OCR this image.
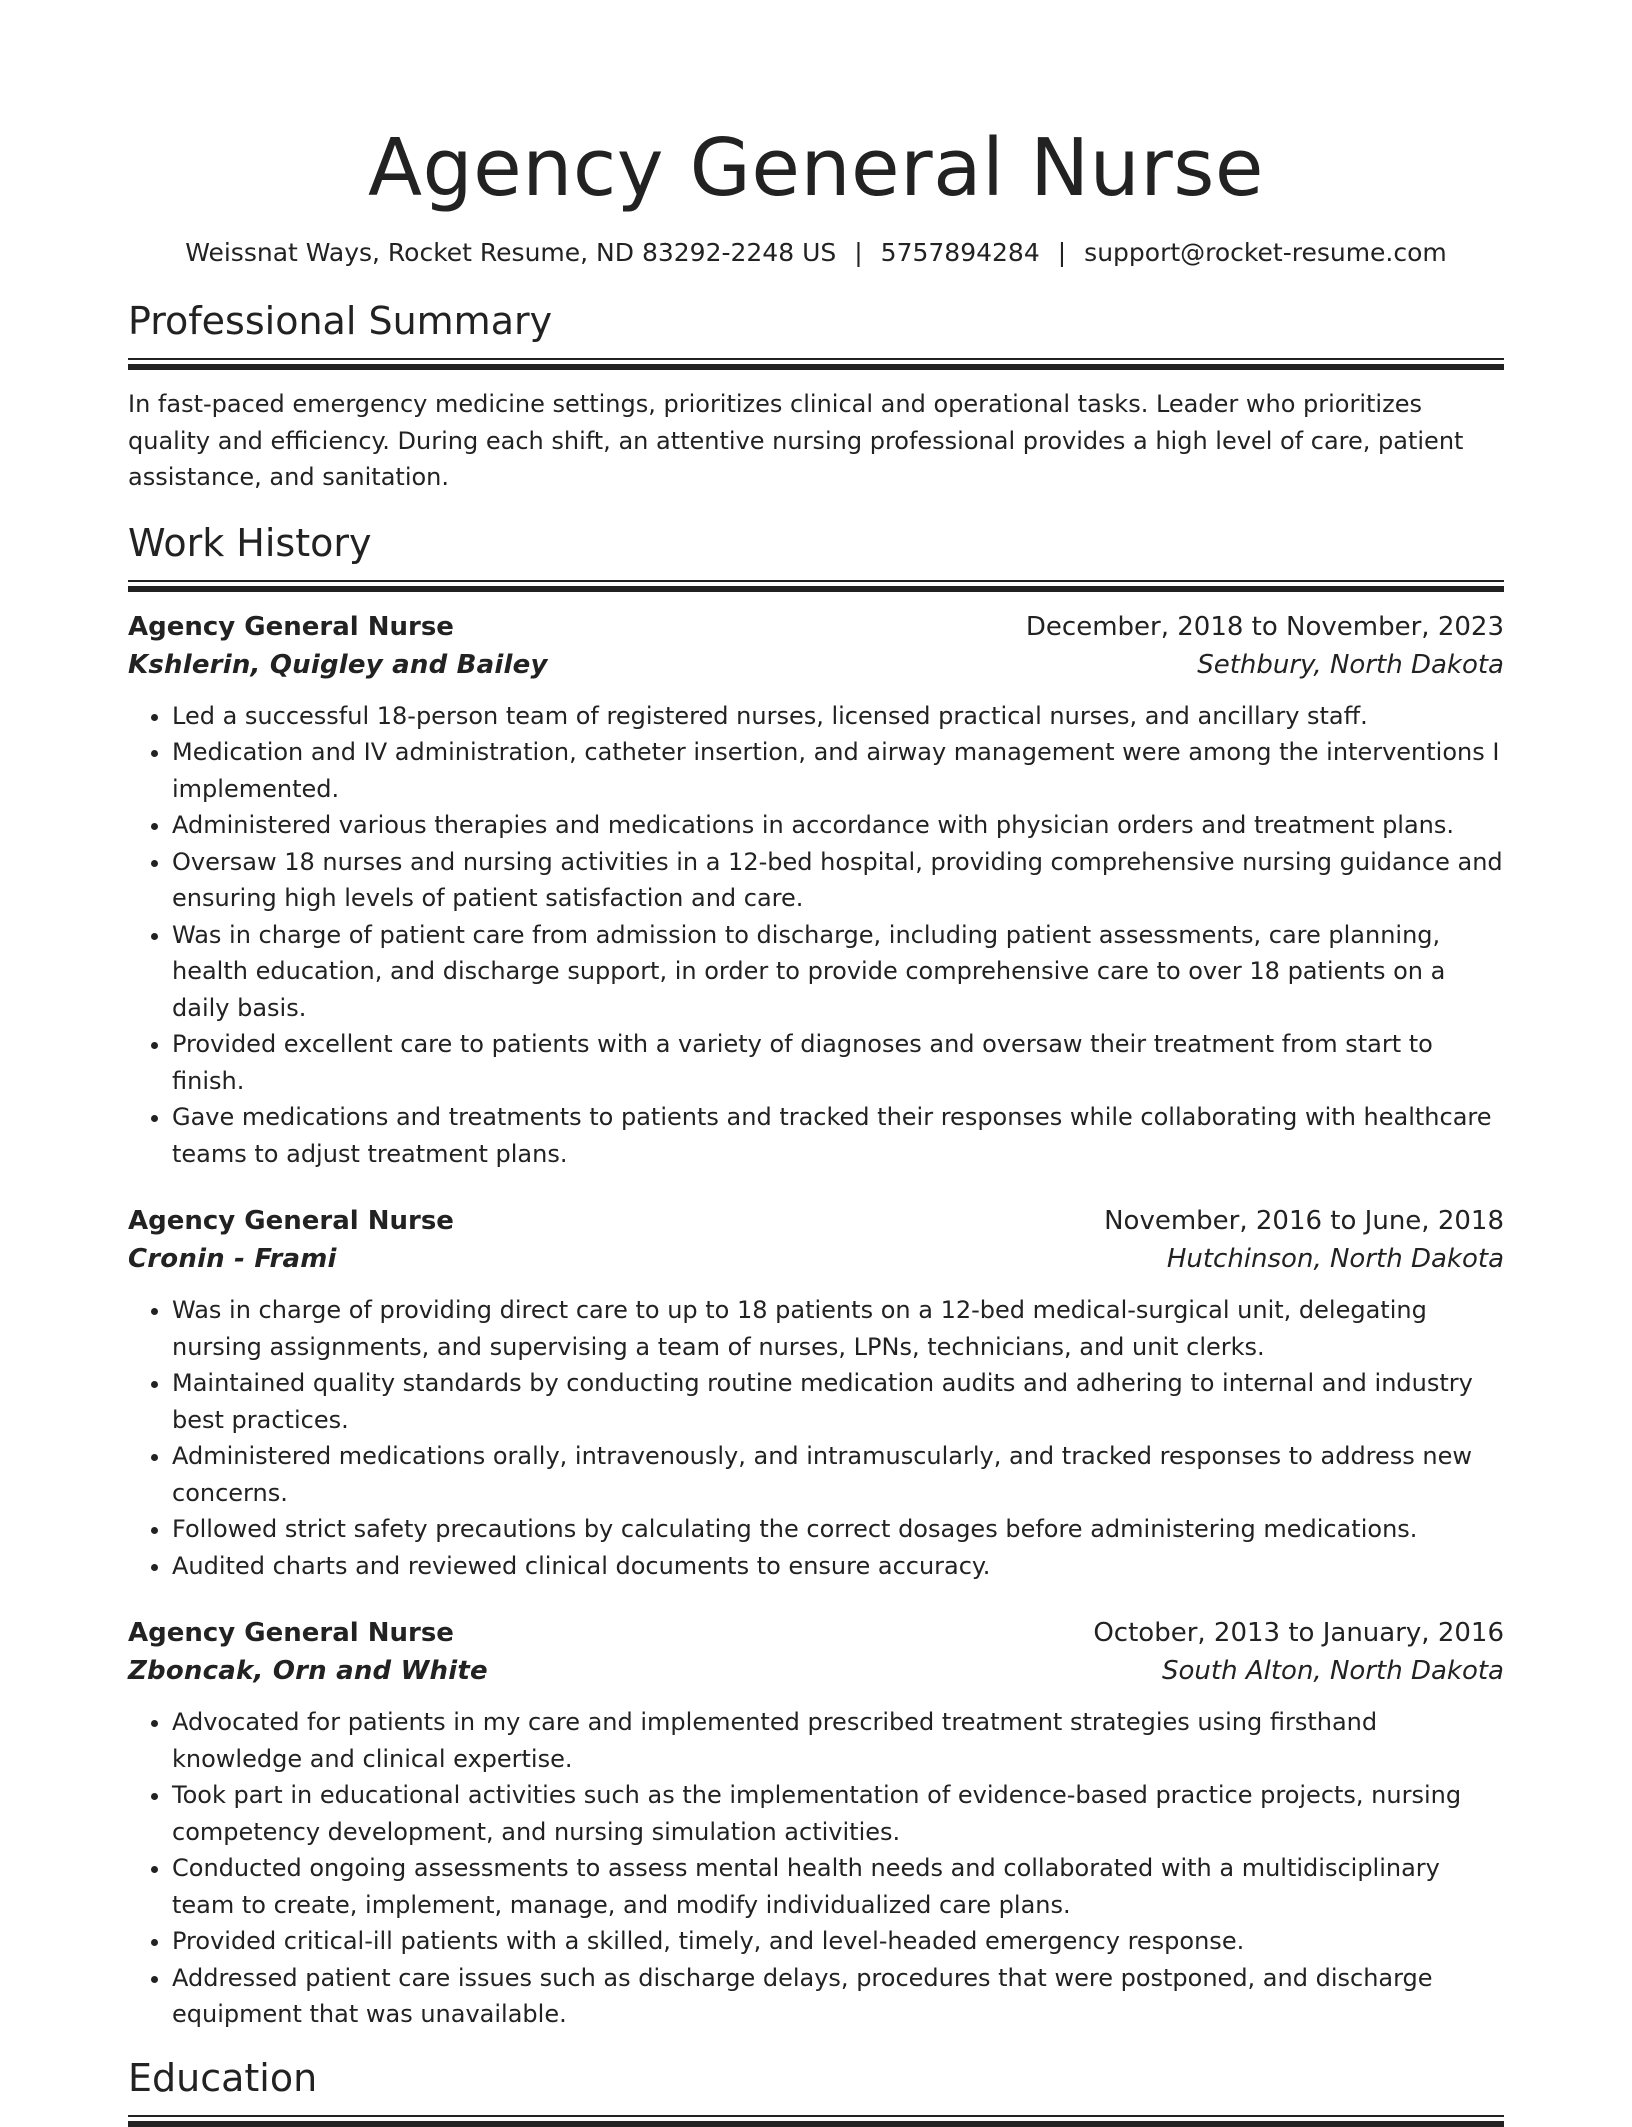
Agency General Nurse
Weissnat Ways, Rocket Resume, ND 83292-2248 US | 5757894284 | support@rocket-resume.com
Professional Summary

In fast-paced emergency medicine settings, prioritizes clinical and operational tasks. Leader who prioritizes quality and efficiency. During each shift, an attentive nursing professional provides a high level of care, patient assistance, and sanitation.

Work History
Agency General Nurse	December, 2018 to November, 2023
Kshlerin, Quigley and Bailey	Sethbury, North Dakota
• Led a successful 18-person team of registered nurses, licensed practical nurses, and ancillary staff.
• Medication and IV administration, catheter insertion, and airway management were among the interventions I implemented.
• Administered various therapies and medications in accordance with physician orders and treatment plans.
• Oversaw 18 nurses and nursing activities in a 12-bed hospital, providing comprehensive nursing guidance and ensuring high levels of patient satisfaction and care.
• Was in charge of patient care from admission to discharge, including patient assessments, care planning, health education, and discharge support, in order to provide comprehensive care to over 18 patients on a daily basis.
• Provided excellent care to patients with a variety of diagnoses and oversaw their treatment from start to finish.
• Gave medications and treatments to patients and tracked their responses while collaborating with healthcare teams to adjust treatment plans.
Agency General Nurse	November, 2016 to June, 2018
Cronin - Frami	Hutchinson, North Dakota
• Was in charge of providing direct care to up to 18 patients on a 12-bed medical-surgical unit, delegating nursing assignments, and supervising a team of nurses, LPNs, technicians, and unit clerks.
• Maintained quality standards by conducting routine medication audits and adhering to internal and industry best practices.
• Administered medications orally, intravenously, and intramuscularly, and tracked responses to address new concerns.
• Followed strict safety precautions by calculating the correct dosages before administering medications.
• Audited charts and reviewed clinical documents to ensure accuracy.
Agency General Nurse	October, 2013 to January, 2016
Zboncak, Orn and White	South Alton, North Dakota
• Advocated for patients in my care and implemented prescribed treatment strategies using firsthand knowledge and clinical expertise.
• Took part in educational activities such as the implementation of evidence-based practice projects, nursing competency development, and nursing simulation activities.
• Conducted ongoing assessments to assess mental health needs and collaborated with a multidisciplinary team to create, implement, manage, and modify individualized care plans.
• Provided critical-ill patients with a skilled, timely, and level-headed emergency response.
• Addressed patient care issues such as discharge delays, procedures that were postponed, and discharge equipment that was unavailable.
Education
